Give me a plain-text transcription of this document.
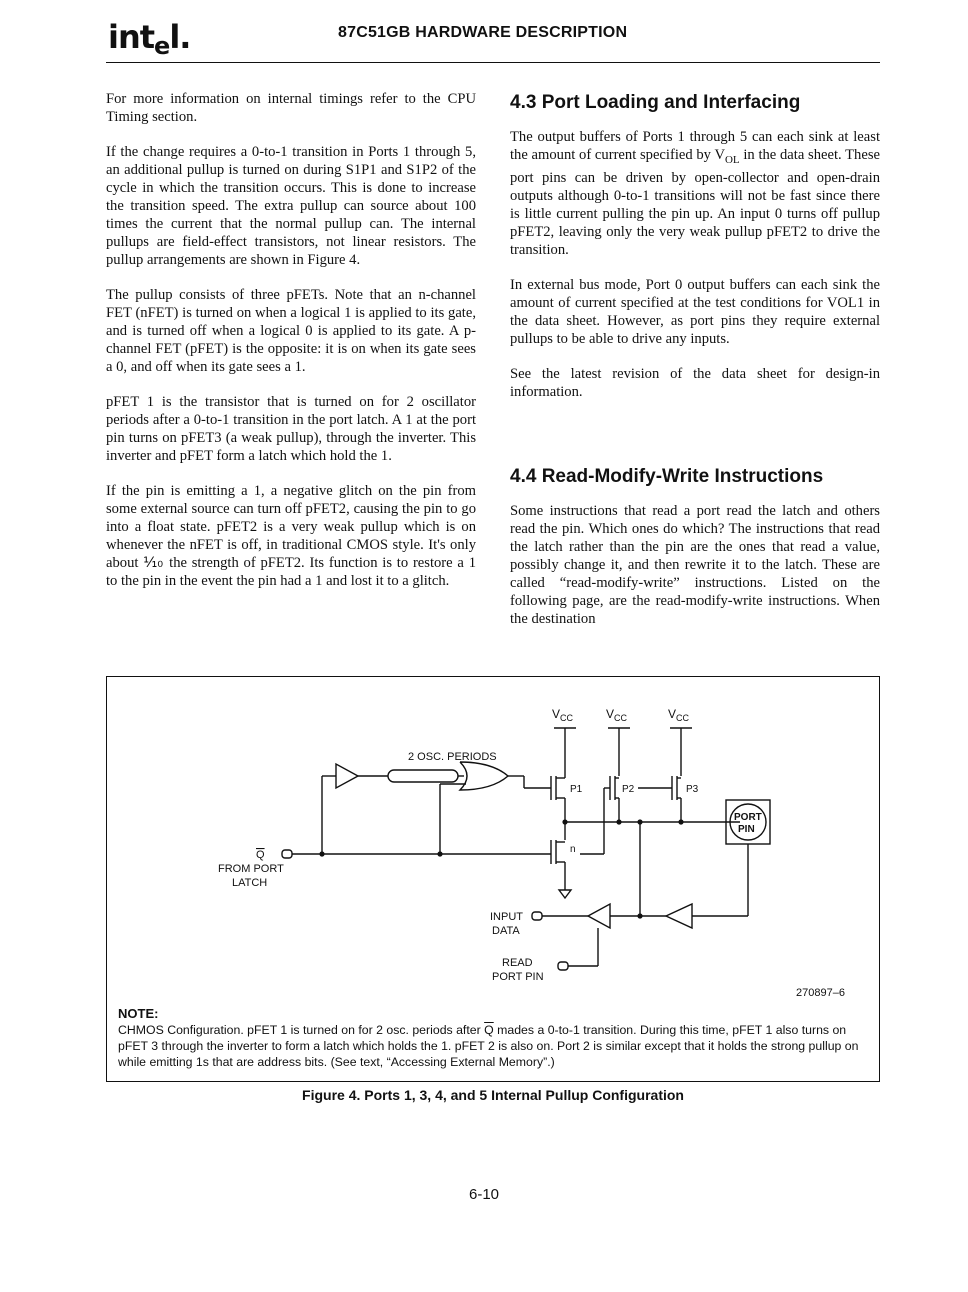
intel.	87C51GB HARDWARE DESCRIPTION

For more information on internal timings refer to the CPU Timing section.

If the change requires a 0-to-1 transition in Ports 1 through 5, an additional pullup is turned on during S1P1 and S1P2 of the cycle in which the transition occurs. This is done to increase the transition speed. The extra pullup can source about 100 times the current that the normal pullup can. The internal pullups are field-effect transistors, not linear resistors. The pullup arrangements are shown in Figure 4.

The pullup consists of three pFETs. Note that an n-channel FET (nFET) is turned on when a logical 1 is applied to its gate, and is turned off when a logical 0 is applied to its gate. A p-channel FET (pFET) is the opposite: it is on when its gate sees a 0, and off when its gate sees a 1.

pFET 1 is the transistor that is turned on for 2 oscillator periods after a 0-to-1 transition in the port latch. A 1 at the port pin turns on pFET3 (a weak pullup), through the inverter. This inverter and pFET form a latch which hold the 1.

If the pin is emitting a 1, a negative glitch on the pin from some external source can turn off pFET2, causing the pin to go into a float state. pFET2 is a very weak pullup which is on whenever the nFET is off, in traditional CMOS style. It's only about ⅒ the strength of pFET2. Its function is to restore a 1 to the pin in the event the pin had a 1 and lost it to a glitch.

4.3 Port Loading and Interfacing

The output buffers of Ports 1 through 5 can each sink at least the amount of current specified by $V_{OL}$ in the data sheet. These port pins can be driven by open-collector and open-drain outputs although 0-to-1 transitions will not be fast since there is little current pulling the pin up. An input 0 turns off pullup pFET2, leaving only the very weak pullup pFET2 to drive the transition.

In external bus mode, Port 0 output buffers can each sink the amount of current specified at the test conditions for VOL1 in the data sheet. However, as port pins they require external pullups to be able to drive any inputs.

See the latest revision of the data sheet for design-in information.

4.4 Read-Modify-Write Instructions

Some instructions that read a port read the latch and others read the pin. Which ones do which? The instructions that read the latch rather than the pin are the ones that read a value, possibly change it, and then rewrite it to the latch. These are called “read-modify-write” instructions. Listed on the following page, are the read-modify-write instructions. When the destination

$V_{CC}$	$V_{CC}$	$V_{CC}$
2 OSC. PERIODS
P1	P2	P3
n
Q
FROM PORT
LATCH
PORT
PIN
INPUT
DATA
READ
PORT PIN
270897–6
NOTE:
CHMOS Configuration. pFET 1 is turned on for 2 osc. periods after $\overline{Q}$ mades a 0-to-1 transition. During this time, pFET 1 also turns on pFET 3 through the inverter to form a latch which holds the 1. pFET 2 is also on. Port 2 is similar except that it holds the strong pullup on while emitting 1s that are address bits. (See text, “Accessing External Memory”.)
Figure 4. Ports 1, 3, 4, and 5 Internal Pullup Configuration
6-10
